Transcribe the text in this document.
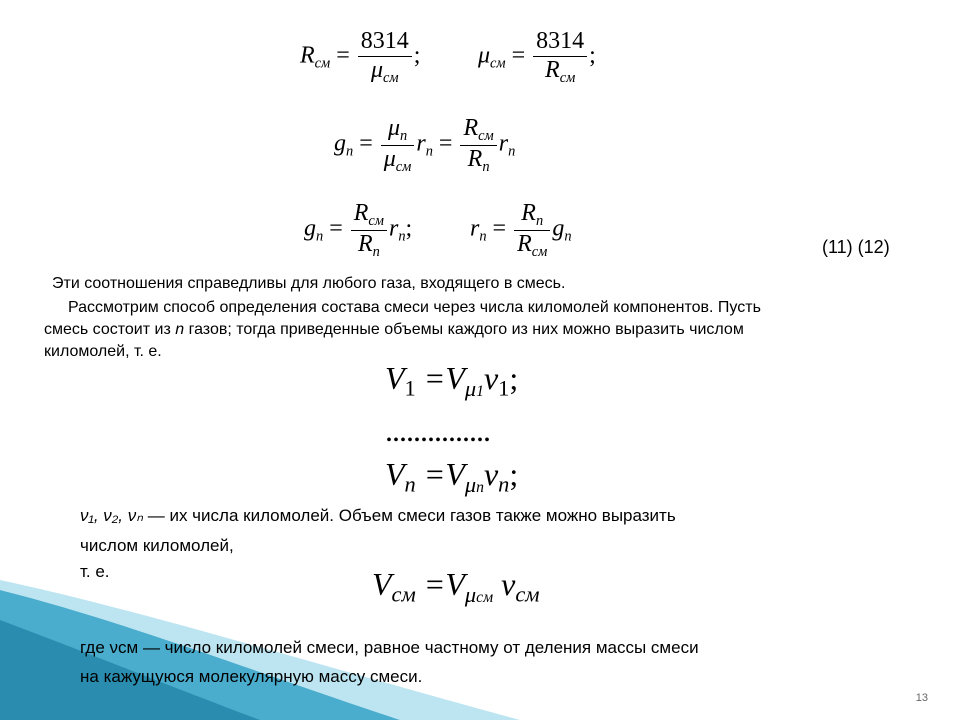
$R_{см} = \frac{8314}{\mu_{см}}$ ; $\mu_{см} = \frac{8314}{R_{см}}$ ;
$g_n = \frac{\mu_n}{\mu_{см}} r_n = \frac{R_{см}}{R_n} r_n$
$g_n = \frac{R_{см}}{R_n} r_n$; $r_n = \frac{R_n}{R_{см}} g_n$
(11) (12)
Эти соотношения справедливы для любого газа, входящего в смесь.
Рассмотрим способ определения состава смеси через числа киломолей компонентов. Пусть
смесь состоит из n газов; тогда приведенные объемы каждого из них можно выразить числом
киломолей, т. е.
$V_1 =V_{\mu 1}\nu_1$;
...............
$V_n =V_{\mu n}\nu_n$;
ν₁, ν₂, νₙ — их числа киломолей. Объем смеси газов также можно выразить
числом киломолей,
т. е.	$V_{см} =V_{\mu см}$ $\nu_{см}$
где νсм — число киломолей смеси, равное частному от деления массы смеси
на кажущуюся молекулярную массу смеси.
13
